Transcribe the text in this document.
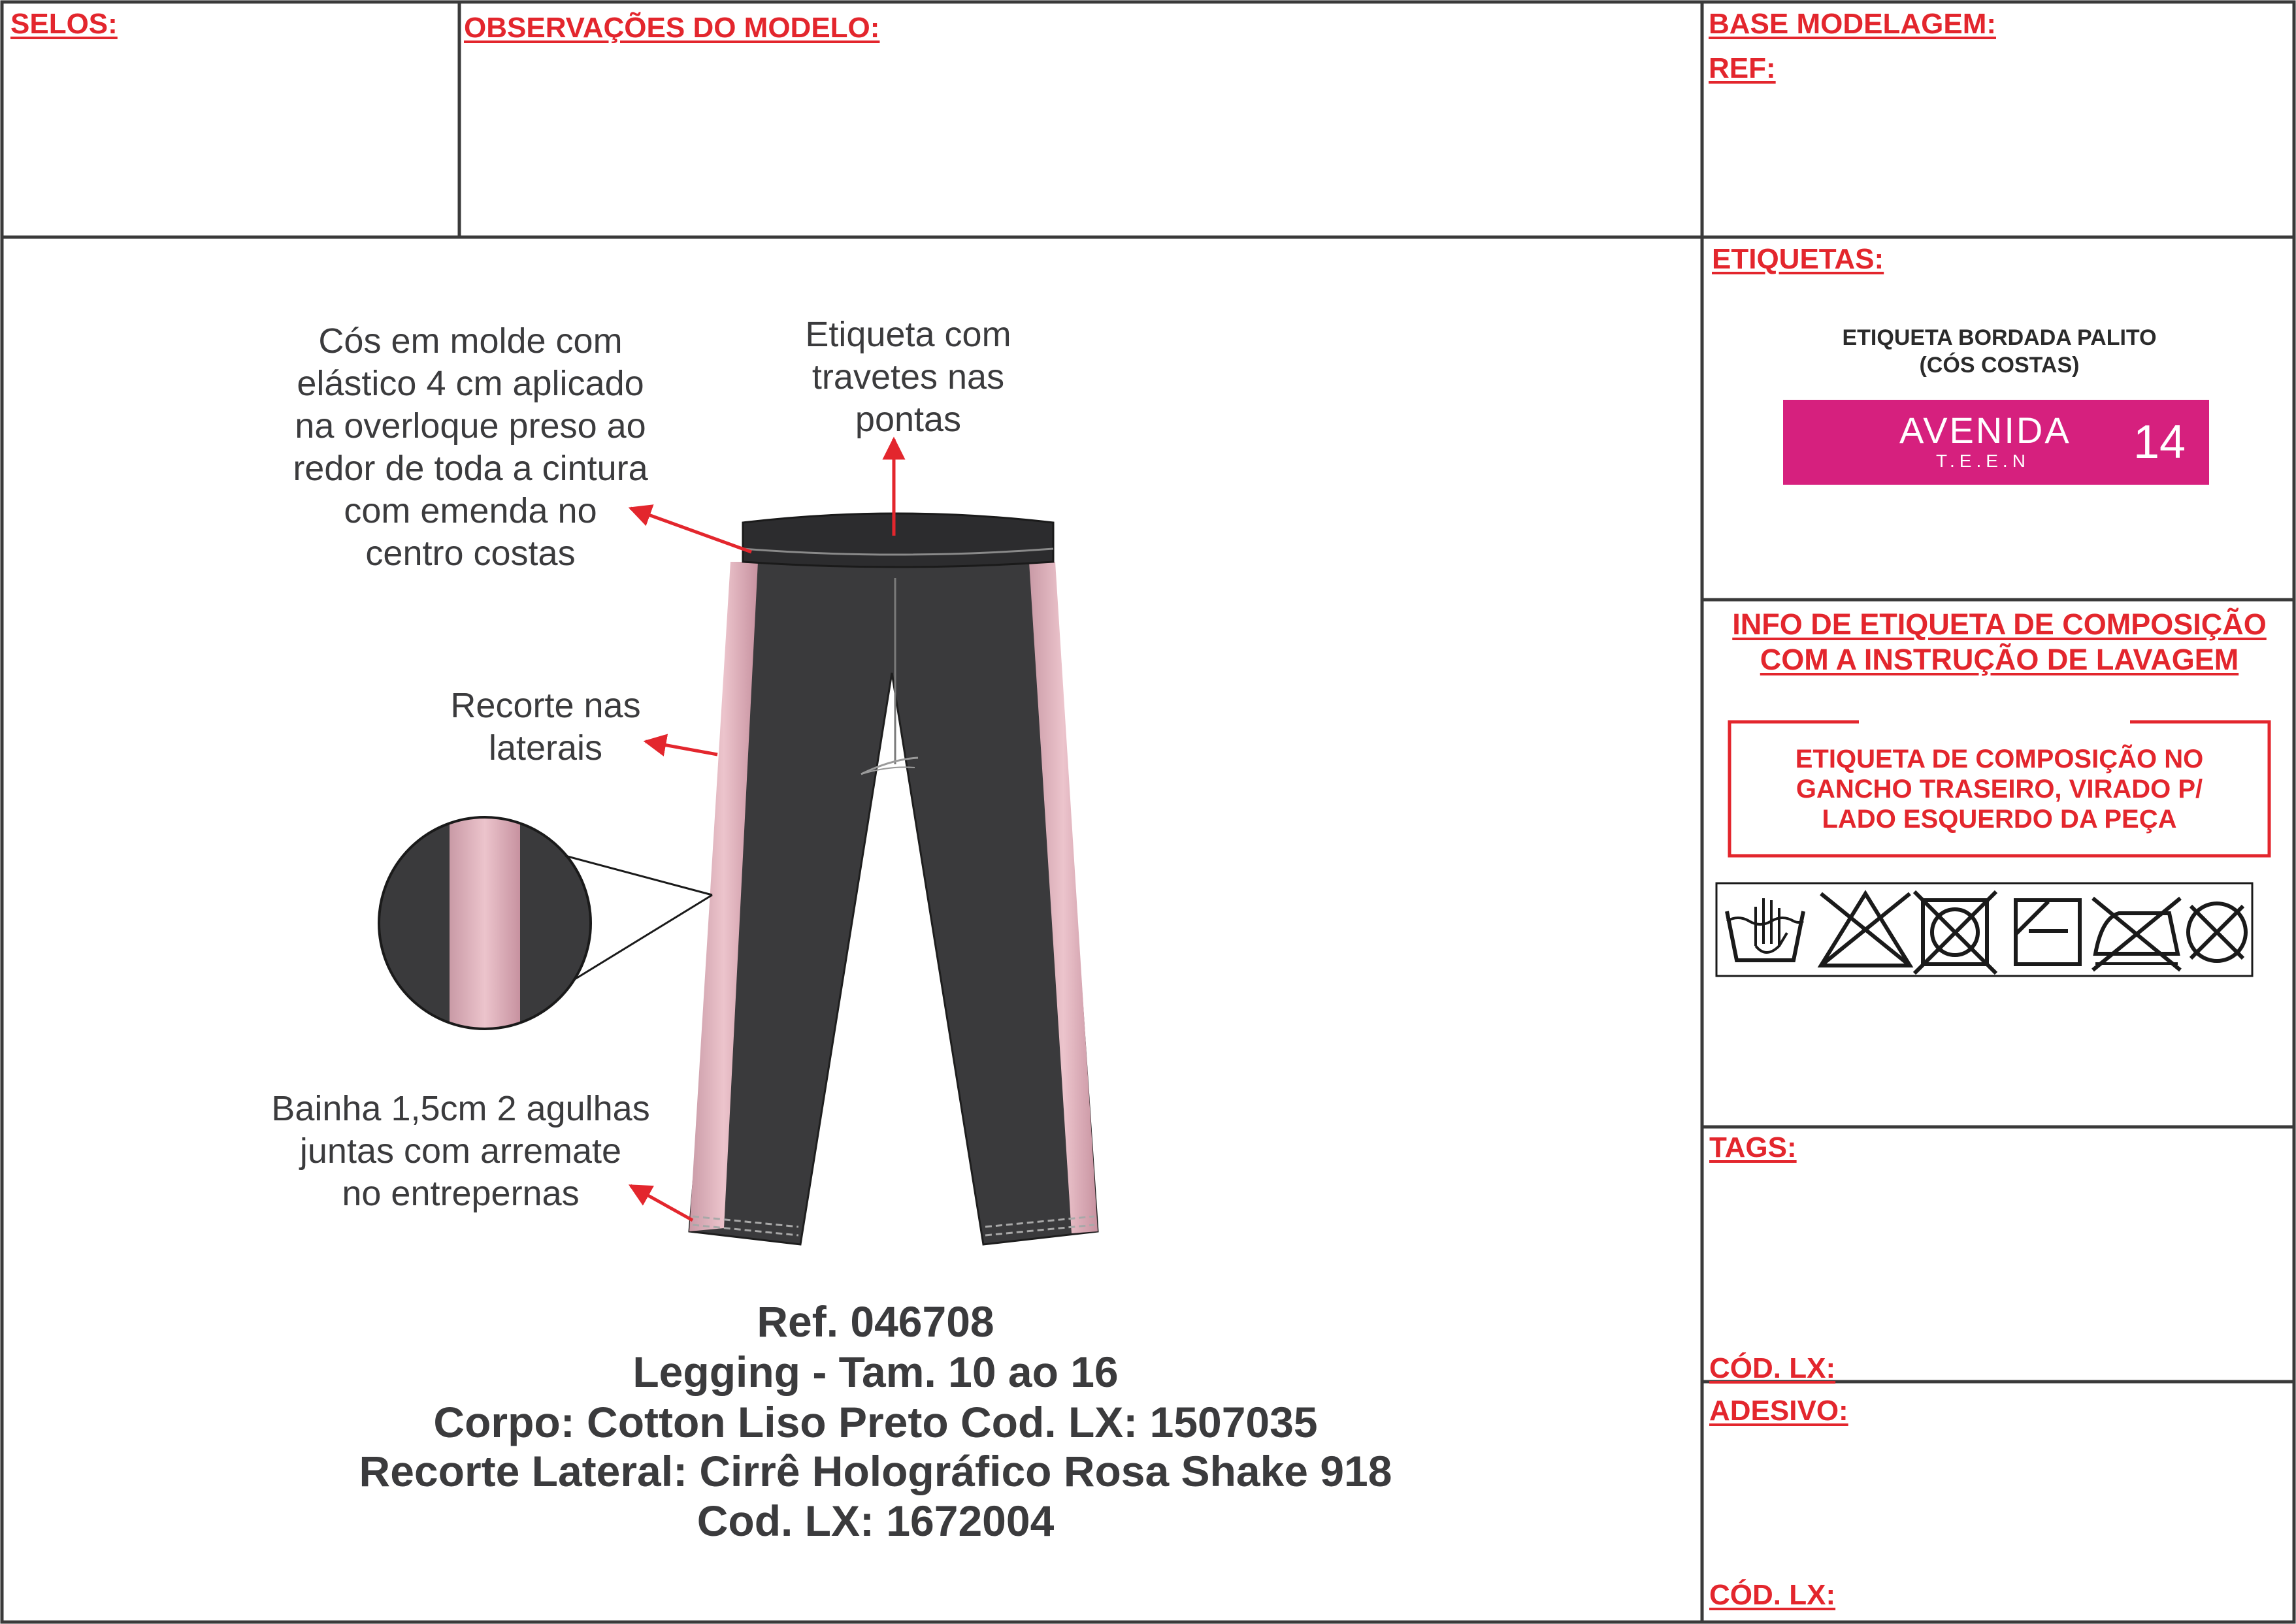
SELOS:	OBSERVAÇÕES DO MODELO:	BASE MODELAGEM:
REF:
Cós em molde com
elástico 4 cm aplicado
na overloque preso ao
redor de toda a cintura
com emenda no
centro costas
Etiqueta com
travetes nas
pontas
Recorte nas
laterais
Bainha 1,5cm 2 agulhas
juntas com arremate
no entrepernas
Ref. 046708
Legging - Tam. 10 ao 16
Corpo: Cotton Liso Preto Cod. LX: 1507035
Recorte Lateral: Cirrê Holográfico Rosa Shake 918
Cod. LX: 1672004
ETIQUETAS:
ETIQUETA BORDADA PALITO
(CÓS COSTAS)
AVENIDA
T.E.E.N 14
INFO DE ETIQUETA DE COMPOSIÇÃO
COM A INSTRUÇÃO DE LAVAGEM
ETIQUETA DE COMPOSIÇÃO NO
GANCHO TRASEIRO, VIRADO P/
LADO ESQUERDO DA PEÇA
TAGS:
CÓD. LX:
ADESIVO:
CÓD. LX:
